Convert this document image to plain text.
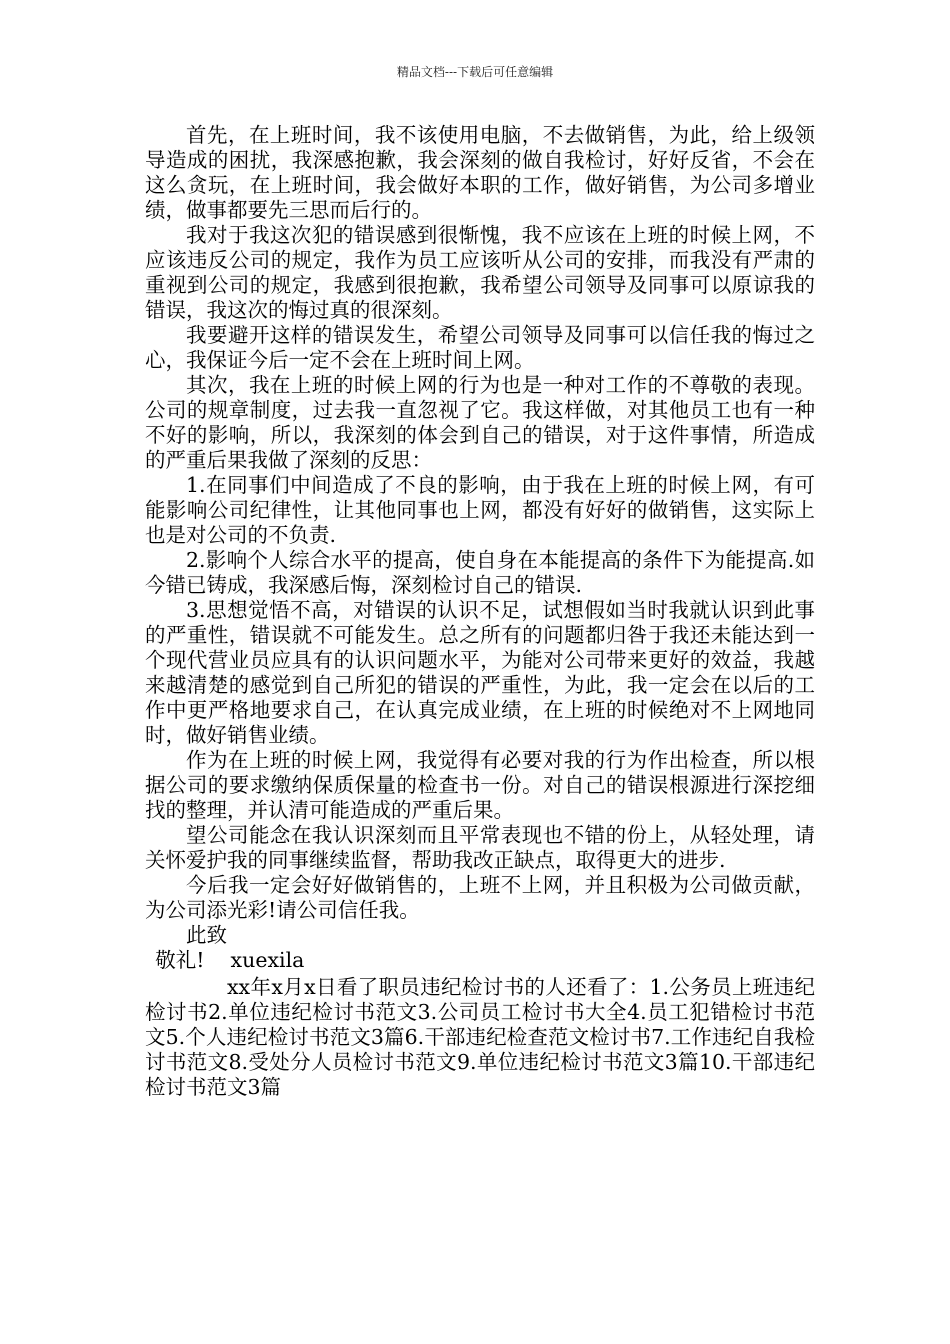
精品文档---下载后可任意编辑

首先，在上班时间，我不该使用电脑，不去做销售，为此，给上级领导造成的困扰，我深感抱歉，我会深刻的做自我检讨，好好反省，不会在这么贪玩，在上班时间，我会做好本职的工作，做好销售，为公司多增业绩，做事都要先三思而后行的。

我对于我这次犯的错误感到很惭愧，我不应该在上班的时候上网，不应该违反公司的规定，我作为员工应该听从公司的安排，而我没有严肃的重视到公司的规定，我感到很抱歉，我希望公司领导及同事可以原谅我的错误，我这次的悔过真的很深刻。

我要避开这样的错误发生，希望公司领导及同事可以信任我的悔过之心，我保证今后一定不会在上班时间上网。

其次，我在上班的时候上网的行为也是一种对工作的不尊敬的表现。公司的规章制度，过去我一直忽视了它。我这样做，对其他员工也有一种不好的影响，所以，我深刻的体会到自己的错误，对于这件事情，所造成的严重后果我做了深刻的反思：

1.在同事们中间造成了不良的影响，由于我在上班的时候上网，有可能影响公司纪律性，让其他同事也上网，都没有好好的做销售，这实际上也是对公司的不负责.

2.影响个人综合水平的提高，使自身在本能提高的条件下为能提高.如今错已铸成，我深感后悔，深刻检讨自己的错误.

3.思想觉悟不高，对错误的认识不足，试想假如当时我就认识到此事的严重性，错误就不可能发生。总之所有的问题都归咎于我还未能达到一个现代营业员应具有的认识问题水平，为能对公司带来更好的效益，我越来越清楚的感觉到自己所犯的错误的严重性，为此，我一定会在以后的工作中更严格地要求自己，在认真完成业绩，在上班的时候绝对不上网地同时，做好销售业绩。

作为在上班的时候上网，我觉得有必要对我的行为作出检查，所以根据公司的要求缴纳保质保量的检查书一份。对自己的错误根源进行深挖细找的整理，并认清可能造成的严重后果。

望公司能念在我认识深刻而且平常表现也不错的份上，从轻处理，请关怀爱护我的同事继续监督，帮助我改正缺点，取得更大的进步.

今后我一定会好好做销售的，上班不上网，并且积极为公司做贡献，为公司添光彩!请公司信任我。

此致

敬礼!    xuexila

xx年x月x日看了职员违纪检讨书的人还看了：1.公务员上班违纪检讨书2.单位违纪检讨书范文3.公司员工检讨书大全4.员工犯错检讨书范文5.个人违纪检讨书范文3篇6.干部违纪检查范文检讨书7.工作违纪自我检讨书范文8.受处分人员检讨书范文9.单位违纪检讨书范文3篇10.干部违纪检讨书范文3篇
